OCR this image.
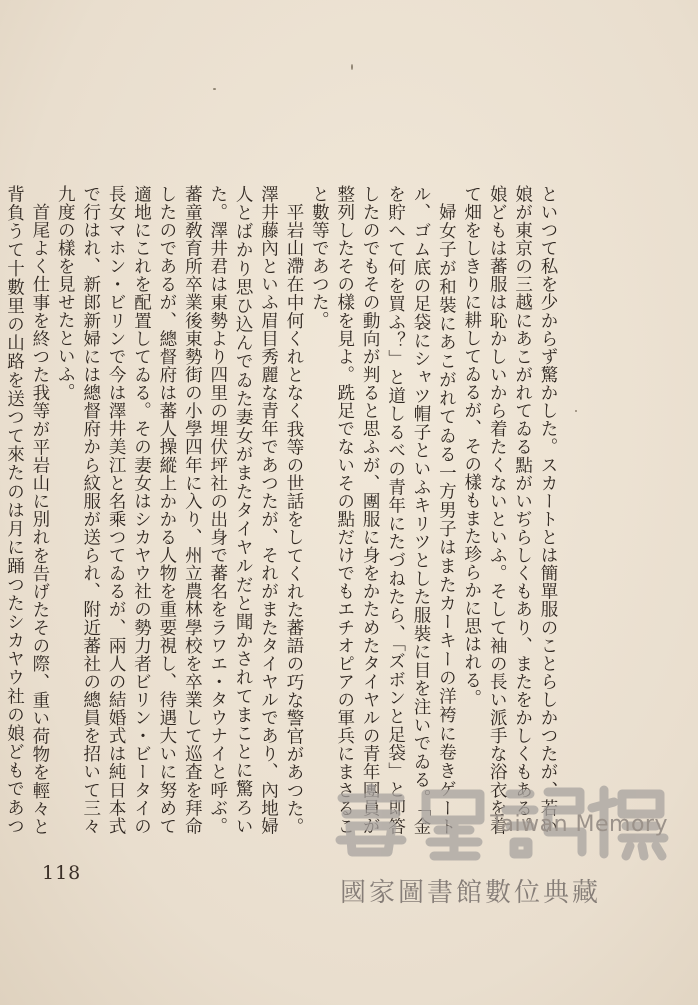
といつて私を少からず驚かした。スカートとは簡單服のことらしかつたが、若い娘が東京の三越にあこがれてゐる點がいぢらしくもあり、またをかしくもある。娘どもは蕃服は恥かしいから着たくないといふ。そして袖の長い派手な浴衣を着て畑をしきりに耕してゐるが、その樣もまた珍らかに思はれる。

婦女子が和裝にあこがれてゐる一方男子はまたカーキーの洋袴に卷きゲートル、ゴム底の足袋にシャツ帽子といふキリツとした服裝に目を注いでゐる。「金を貯へて何を買ふ？」と道しるべの青年にたづねたら、「ズボンと足袋」と即答したのでもその動向が判ると思ふが、團服に身をかためたタイヤルの青年團員が整列したその樣を見よ。跣足でないその點だけでもエチオピアの軍兵にまさること數等であつた。

平岩山滯在中何くれとなく我等の世話をしてくれた蕃語の巧な警官があつた。澤井藤內といふ眉目秀麗な青年であつたが、それがまたタイヤルであり、內地婦人とばかり思ひ込んでゐた妻女がまたタイヤルだと聞かされてまことに驚ろいた。澤井君は東勢より四里の埋伏坪社の出身で蕃名をラワエ・タウナイと呼ぶ。蕃童敎育所卒業後東勢街の小學四年に入り、州立農林學校を卒業して巡査を拜命したのであるが、總督府は蕃人操縱上かかる人物を重要視し、待遇大いに努めて適地にこれを配置してゐる。その妻女はシカヤウ社の勢力者ビリン・ビータイの長女マホン・ビリンで今は澤井美江と名乘つてゐるが、兩人の結婚式は純日本式で行はれ、新郎新婦には總督府から紋服が送られ、附近蕃社の總員を招いて三々九度の樣を見せたといふ。

首尾よく仕事を終つた我等が平岩山に別れを告げたその際、重い荷物を輕々と背負うて十數里の山路を送つて來たのは月に踊つたシカヤウ社の娘どもであつ

118
Taiwan Memory
國家圖書館數位典藏
